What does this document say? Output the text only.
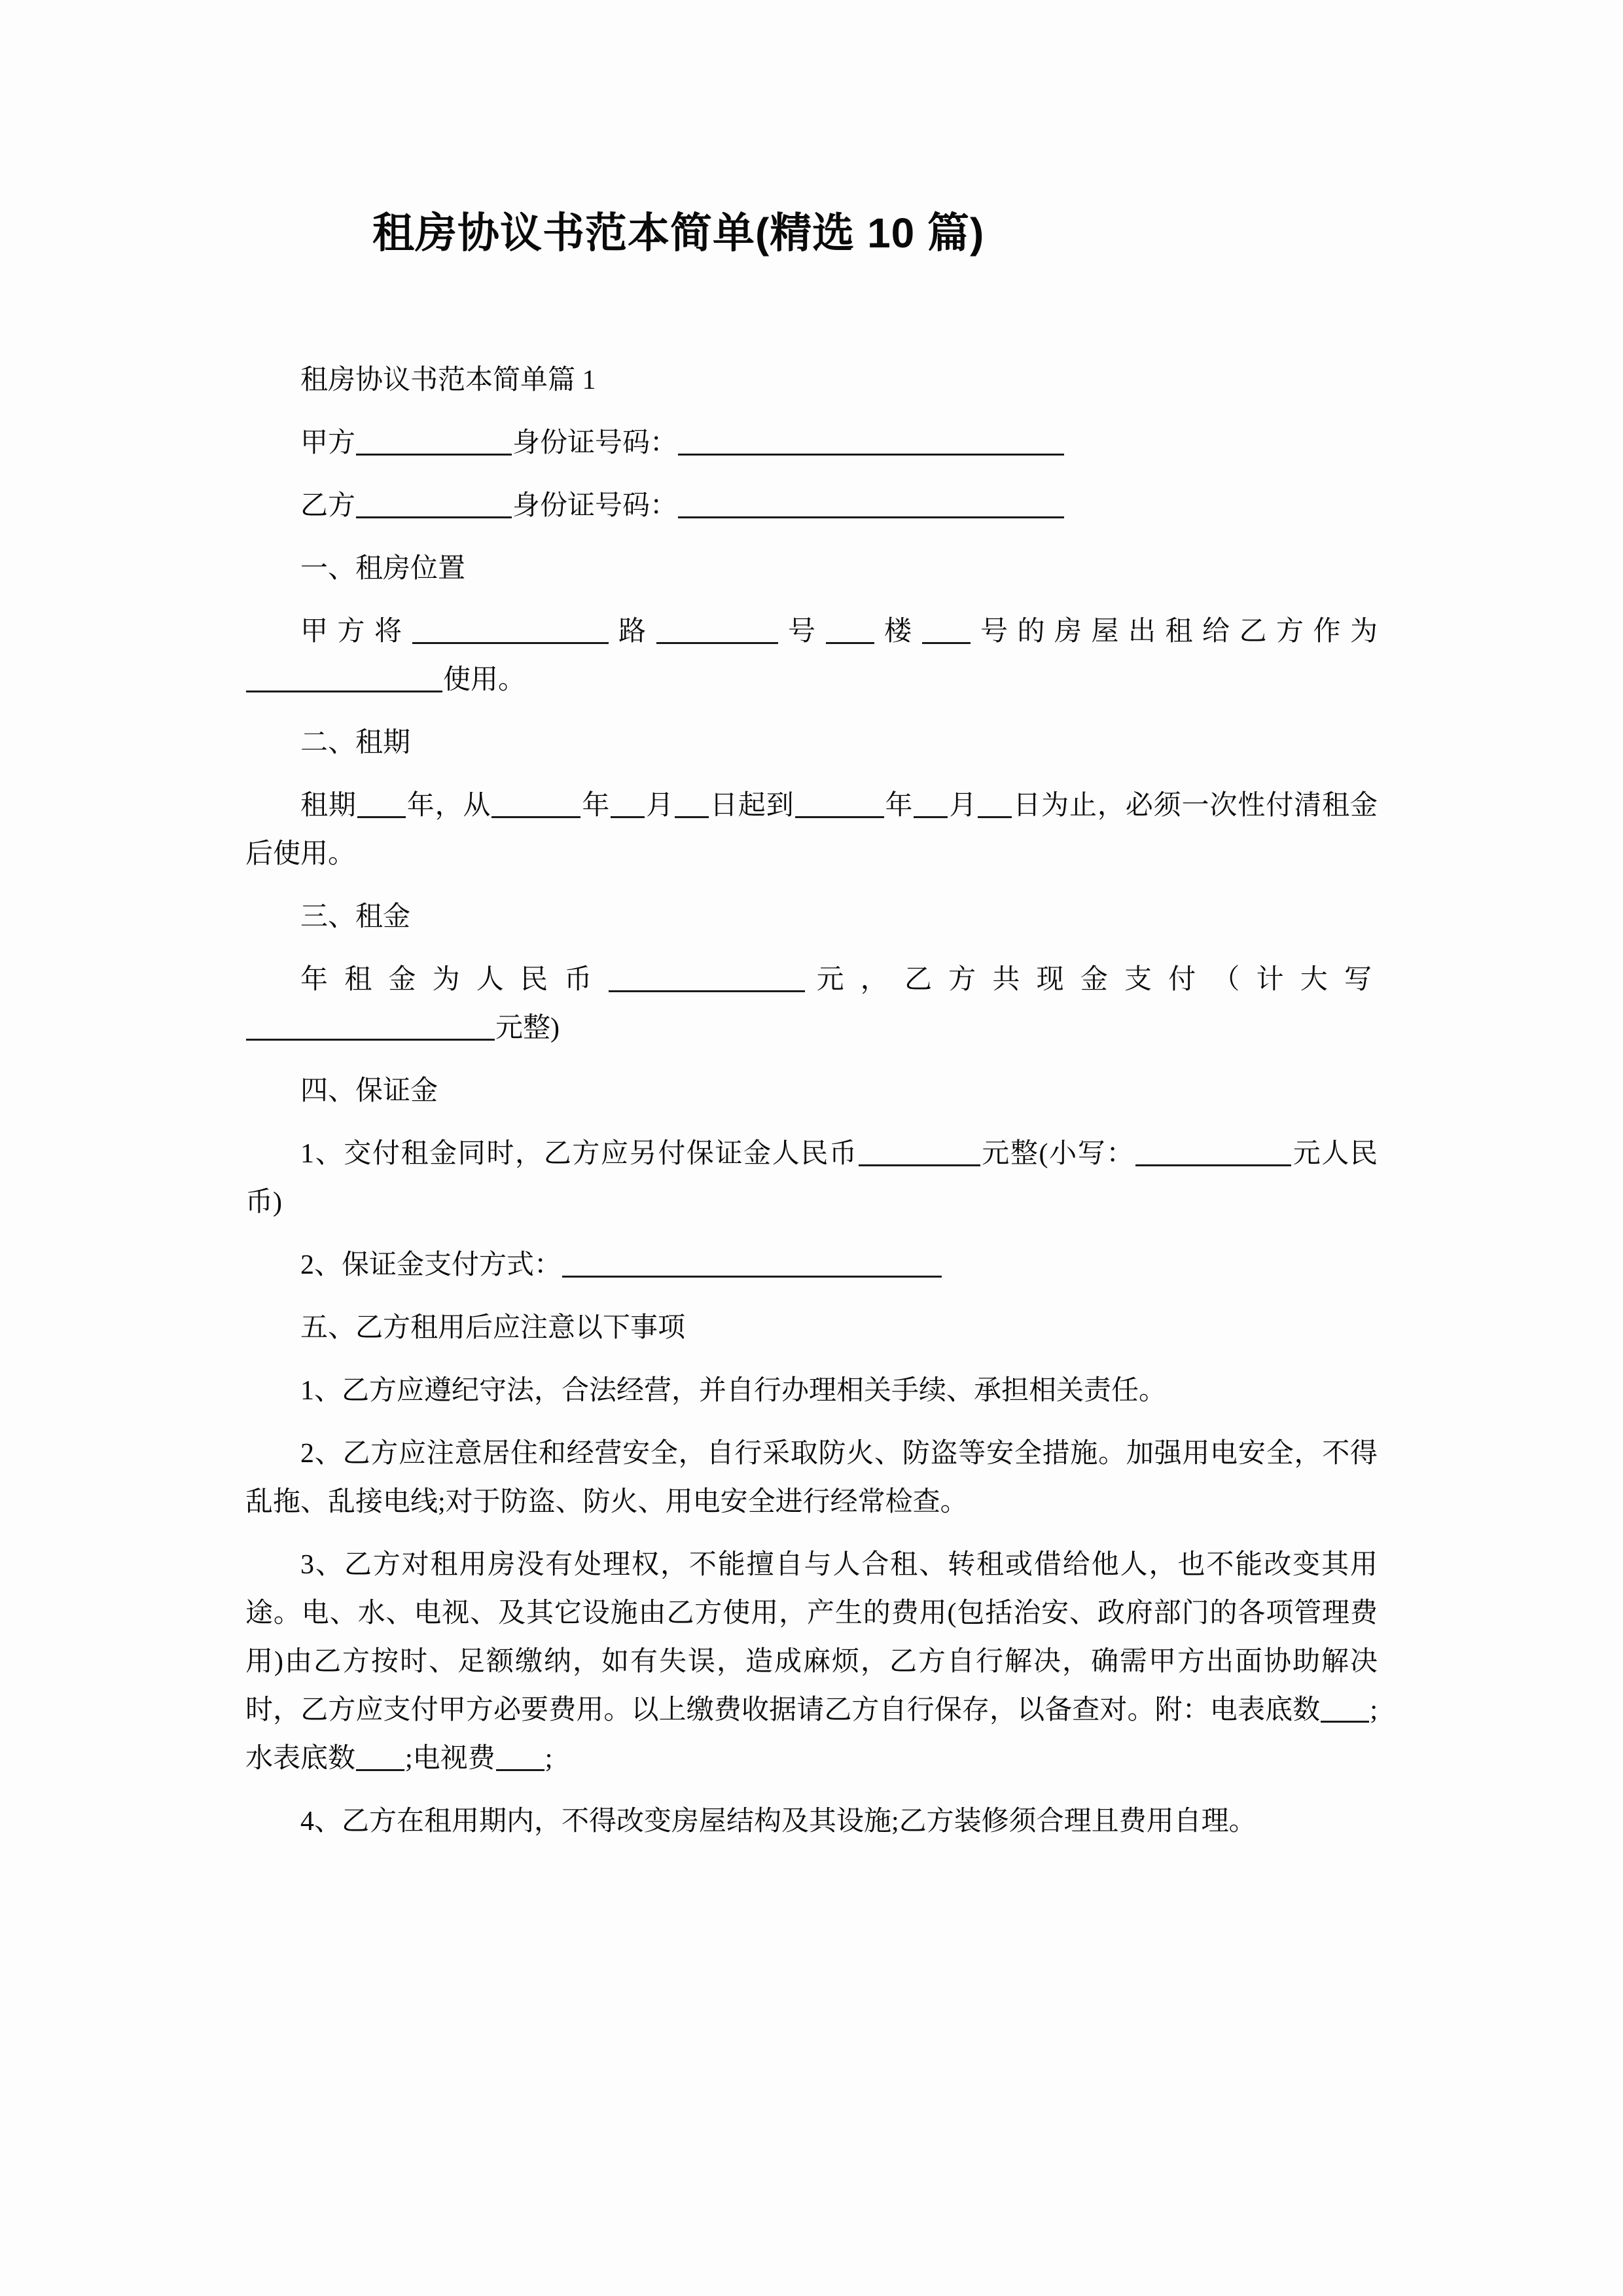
租房协议书范本简单(精选 10 篇)

租房协议书范本简单篇 1

甲方	身份证号码：

乙方	身份证号码：

一、租房位置

甲方将	路	号 楼 号的房屋出租给乙方作为使用。

二、租期

租期 年，从	年 月 日起到	年 月 日为止，必须一次性付清租金后使用。

三、租金

年租金为人民币	元，乙方共现金支付（计大写元整)

四、保证金

1、交付租金同时，乙方应另付保证金人民币	元整(小写：	元人民币)

2、保证金支付方式：

五、乙方租用后应注意以下事项

1、乙方应遵纪守法，合法经营，并自行办理相关手续、承担相关责任。

2、乙方应注意居住和经营安全，自行采取防火、防盗等安全措施。加强用电安全，不得乱拖、乱接电线;对于防盗、防火、用电安全进行经常检查。

3、乙方对租用房没有处理权，不能擅自与人合租、转租或借给他人，也不能改变其用途。电、水、电视、及其它设施由乙方使用，产生的费用(包括治安、政府部门的各项管理费用)由乙方按时、足额缴纳，如有失误，造成麻烦，乙方自行解决，确需甲方出面协助解决时，乙方应支付甲方必要费用。以上缴费收据请乙方自行保存，以备查对。附：电表底数 ;水表底数 ;电视费 ;

4、乙方在租用期内，不得改变房屋结构及其设施;乙方装修须合理且费用自理。
